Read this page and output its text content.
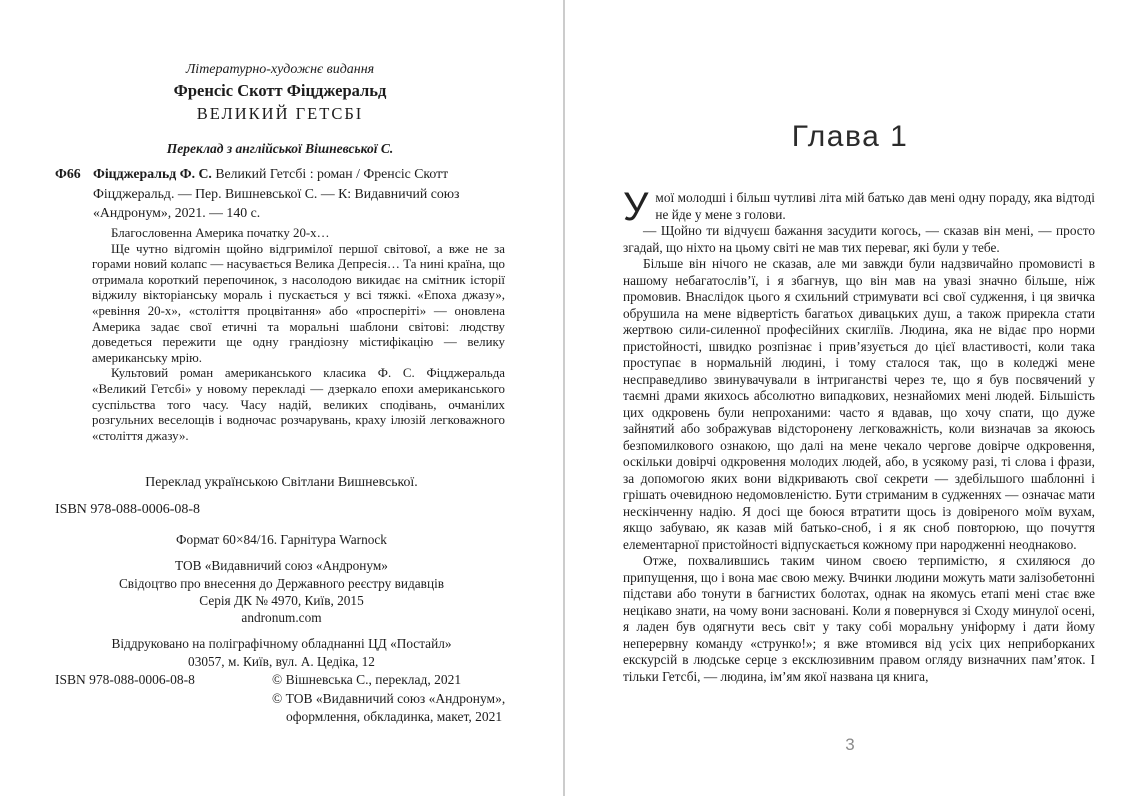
Літературно-художнє видання

Френсіс Скотт Фіцджеральд

ВЕЛИКИЙ ГЕТСБІ

Переклад з англійської Вішневської С.

Ф66 Фіцджеральд Ф. С. Великий Гетсбі : роман / Френсіс Скотт Фіцджеральд. — Пер. Вишневської С. — К: Видавничий союз «Андронум», 2021. — 140 с.

Благословенна Америка початку 20-х…

Ще чутно відгомін щойно відгримілої першої світової, а вже не за горами новий колапс — насувається Велика Депресія… Та нині країна, що отримала короткий перепочинок, з насолодою викидає на смітник історії віджилу вікторіанську мораль і пускається у всі тяжкі. «Епоха джазу», «ревіння 20-х», «століття процвітання» або «просперіті» — оновлена Америка задає свої етичні та моральні шаблони світові: людству доведеться пережити ще одну грандіозну містифікацію — велику американську мрію.

Культовий роман американського класика Ф. С. Фіцджеральда «Великий Гетсбі» у новому перекладі — дзеркало епохи американського суспільства того часу. Часу надій, великих сподівань, очманілих розгульних веселощів і водночас розчарувань, краху ілюзій легковажного «століття джазу».

Переклад українською Світлани Вишневської.

ISBN 978-088-0006-08-8

Формат 60×84/16. Гарнітура Warnock
ТОВ «Видавничий союз «Андронум»
Свідоцтво про внесення до Державного реєстру видавців
Серія ДК № 4970, Київ, 2015
andronum.com
Віддруковано на поліграфічному обладнанні ЦД «Постайл»
03057, м. Київ, вул. А. Цедіка, 12
ISBN 978-088-0006-08-8	© Вішневська С., переклад, 2021
© ТОВ «Видавничий союз «Андронум»,
оформлення, обкладинка, макет, 2021
Глава 1

У мої молодші і більш чутливі літа мій батько дав мені одну пораду, яка відтоді не йде у мене з голови.

— Щойно ти відчуєш бажання засудити когось, — сказав він мені, — просто згадай, що ніхто на цьому світі не мав тих переваг, які були у тебе.

Більше він нічого не сказав, але ми завжди були надзвичайно промовисті в нашому небагатослів’ї, і я збагнув, що він мав на увазі значно більше, ніж промовив. Внаслідок цього я схильний стримувати всі свої судження, і ця звичка обрушила на мене відвертість багатьох дивацьких душ, а також прирекла стати жертвою сили-силенної професійних скигліїв. Людина, яка не відає про норми пристойності, швидко розпізнає і прив’язується до цієї властивості, коли така проступає в нормальній людині, і тому сталося так, що в коледжі мене несправедливо звинувачували в інтриганстві через те, що я був посвячений у таємні драми якихось абсолютно випадкових, незнайомих мені людей. Більшість цих одкровень були непроханими: часто я вдавав, що хочу спати, що дуже зайнятий або зображував відсторонену легковажність, коли визначав за якоюсь безпомилкового ознакою, що далі на мене чекало чергове довірче одкровення, оскільки довірчі одкровення молодих людей, або, в усякому разі, ті слова і фрази, за допомогою яких вони відкривають свої секрети — здебільшого шаблонні і грішать очевидною недомовленістю. Бути стриманим в судженнях — означає мати нескінченну надію. Я досі ще боюся втратити щось із довіреного моїм вухам, якщо забуваю, як казав мій батько-сноб, і я як сноб повторюю, що почуття елементарної пристойності відпускається кожному при народженні неоднаково.

Отже, похвалившись таким чином своєю терпимістю, я схиляюся до припущення, що і вона має свою межу. Вчинки людини можуть мати залізобетонні підстави або тонути в багнистих болотах, однак на якомусь етапі мені стає вже нецікаво знати, на чому вони засновані. Коли я повернувся зі Сходу минулої осені, я ладен був одягнути весь світ у таку собі моральну уніформу і дати йому неперервну команду «струнко!»; я вже втомився від усіх цих неприборканих екскурсій в людське серце з ексклюзивним правом огляду визначних пам’яток. І тільки Гетсбі, — людина, ім’ям якої названа ця книга,

3
